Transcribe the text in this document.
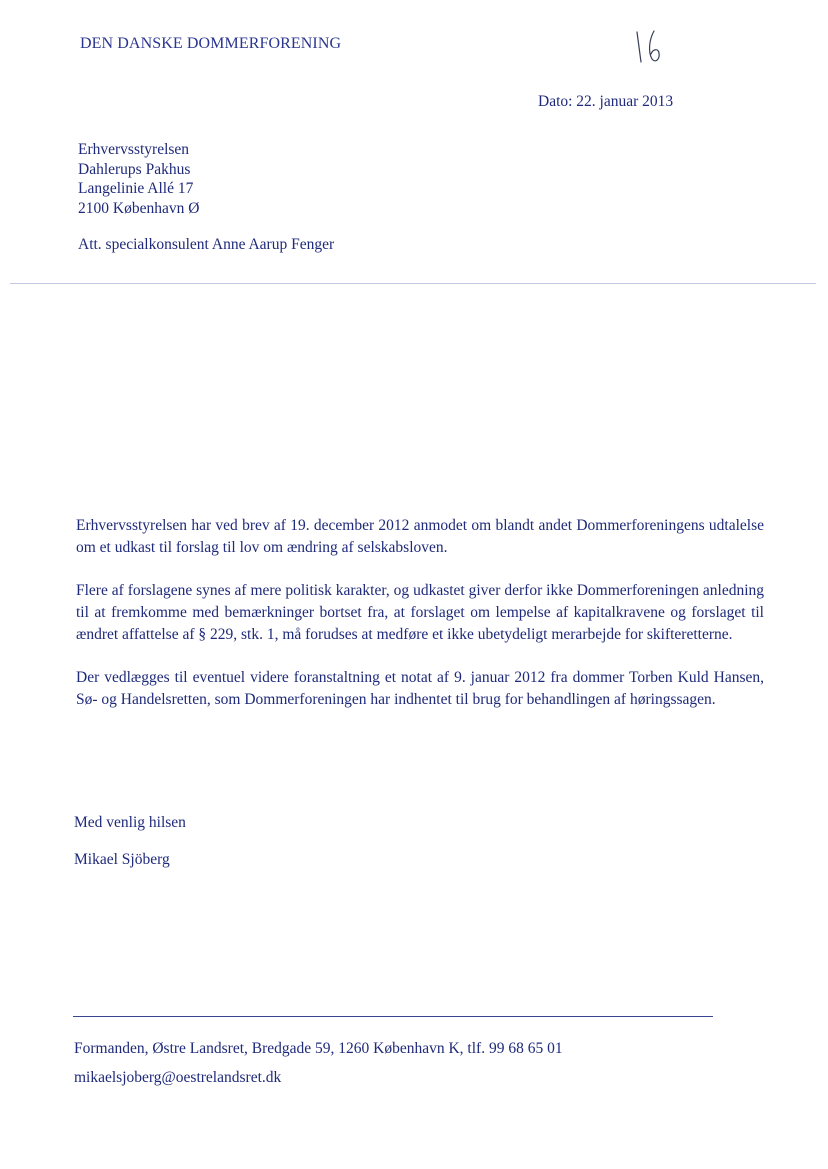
DEN DANSKE DOMMERFORENING
Dato: 22. januar 2013
Erhvervsstyrelsen
Dahlerups Pakhus
Langelinie Allé 17
2100 København Ø
Att. specialkonsulent Anne Aarup Fenger

Erhvervsstyrelsen har ved brev af 19. december 2012 anmodet om blandt andet Dommerforeningens udtalelse om et udkast til forslag til lov om ændring af selskabsloven.

Flere af forslagene synes af mere politisk karakter, og udkastet giver derfor ikke Dommerforeningen anledning til at fremkomme med bemærkninger bortset fra, at forslaget om lempelse af kapitalkravene og forslaget til ændret affattelse af § 229, stk. 1, må forudses at medføre et ikke ubetydeligt merarbejde for skifteretterne.

Der vedlægges til eventuel videre foranstaltning et notat af 9. januar 2012 fra dommer Torben Kuld Hansen, Sø- og Handelsretten, som Dommerforeningen har indhentet til brug for behandlingen af høringssagen.

Med venlig hilsen
Mikael Sjöberg
Formanden, Østre Landsret, Bredgade 59, 1260 København K, tlf. 99 68 65 01
mikaelsjoberg@oestrelandsret.dk
